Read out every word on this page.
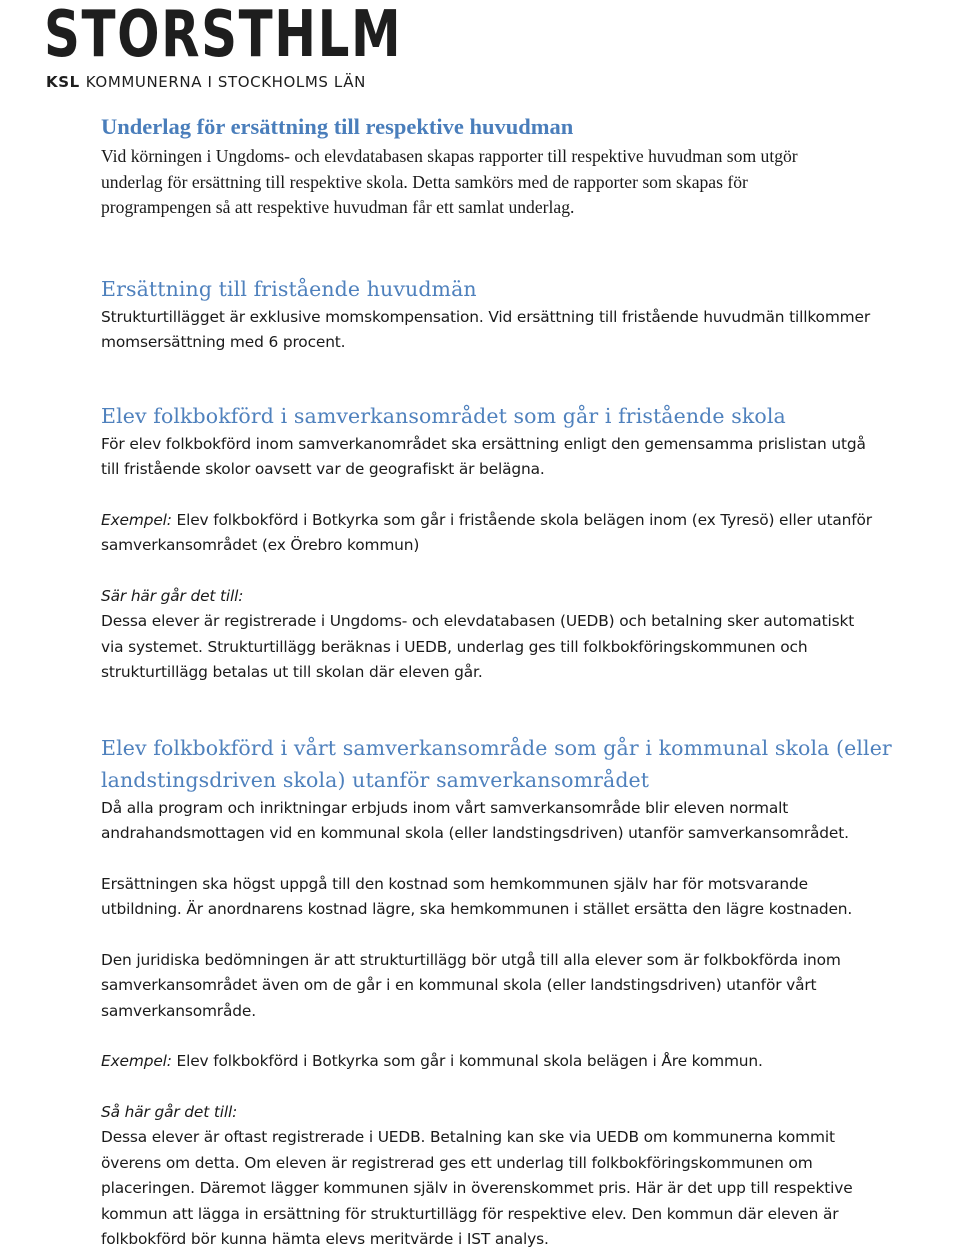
STORSTHLM
KSL KOMMUNERNA I STOCKHOLMS LÄN
Underlag för ersättning till respektive huvudman

Vid körningen i Ungdoms- och elevdatabasen skapas rapporter till respektive huvudman som utgör

underlag för ersättning till respektive skola. Detta samkörs med de rapporter som skapas för

programpengen så att respektive huvudman får ett samlat underlag.

Ersättning till fristående huvudmän

Strukturtillägget är exklusive momskompensation. Vid ersättning till fristående huvudmän tillkommer

momsersättning med 6 procent.

Elev folkbokförd i samverkansområdet som går i fristående skola

För elev folkbokförd inom samverkanområdet ska ersättning enligt den gemensamma prislistan utgå

till fristående skolor oavsett var de geografiskt är belägna.

Exempel: Elev folkbokförd i Botkyrka som går i fristående skola belägen inom (ex Tyresö) eller utanför

samverkansområdet (ex Örebro kommun)

Sär här går det till:

Dessa elever är registrerade i Ungdoms- och elevdatabasen (UEDB) och betalning sker automatiskt

via systemet. Strukturtillägg beräknas i UEDB, underlag ges till folkbokföringskommunen och

strukturtillägg betalas ut till skolan där eleven går.

Elev folkbokförd i vårt samverkansområde som går i kommunal skola (eller
landstingsdriven skola) utanför samverkansområdet

Då alla program och inriktningar erbjuds inom vårt samverkansområde blir eleven normalt

andrahandsmottagen vid en kommunal skola (eller landstingsdriven) utanför samverkansområdet.

Ersättningen ska högst uppgå till den kostnad som hemkommunen själv har för motsvarande

utbildning. Är anordnarens kostnad lägre, ska hemkommunen i stället ersätta den lägre kostnaden.

Den juridiska bedömningen är att strukturtillägg bör utgå till alla elever som är folkbokförda inom

samverkansområdet även om de går i en kommunal skola (eller landstingsdriven) utanför vårt

samverkansområde.

Exempel: Elev folkbokförd i Botkyrka som går i kommunal skola belägen i Åre kommun.

Så här går det till:

Dessa elever är oftast registrerade i UEDB. Betalning kan ske via UEDB om kommunerna kommit

överens om detta. Om eleven är registrerad ges ett underlag till folkbokföringskommunen om

placeringen. Däremot lägger kommunen själv in överenskommet pris. Här är det upp till respektive

kommun att lägga in ersättning för strukturtillägg för respektive elev. Den kommun där eleven är

folkbokförd bör kunna hämta elevs meritvärde i IST analys.
